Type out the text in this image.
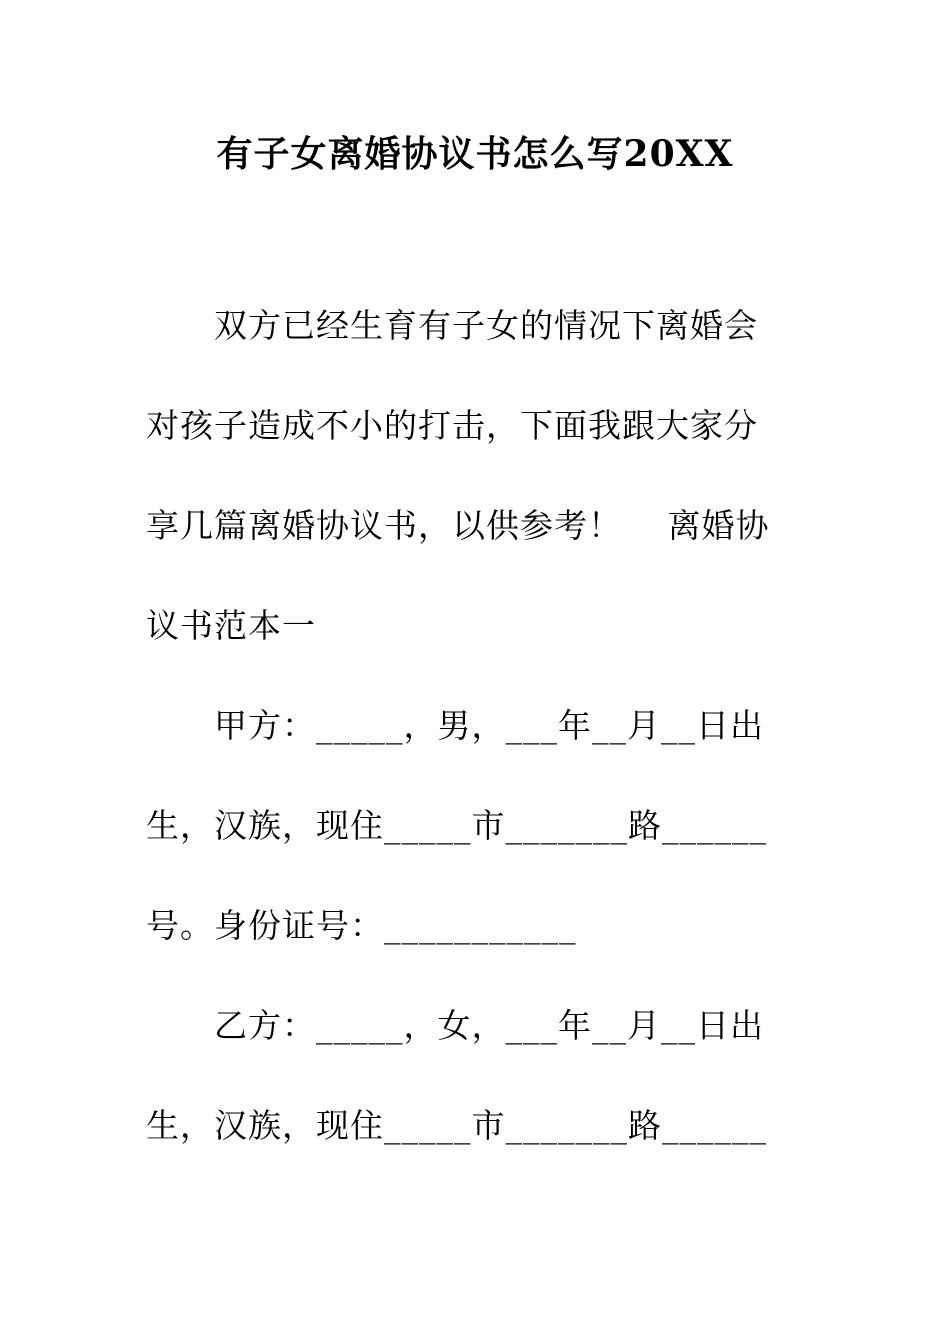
有子女离婚协议书怎么写20XX
双方已经生育有子女的情况下离婚会
对孩子造成不小的打击，下面我跟大家分
享几篇离婚协议书，以供参考！　 离婚协
议书范本一
甲方：_____，男，___年__月__日出
生，汉族，现住_____市_______路______
号。身份证号：___________
乙方：_____，女，___年__月__日出
生，汉族，现住_____市_______路______
